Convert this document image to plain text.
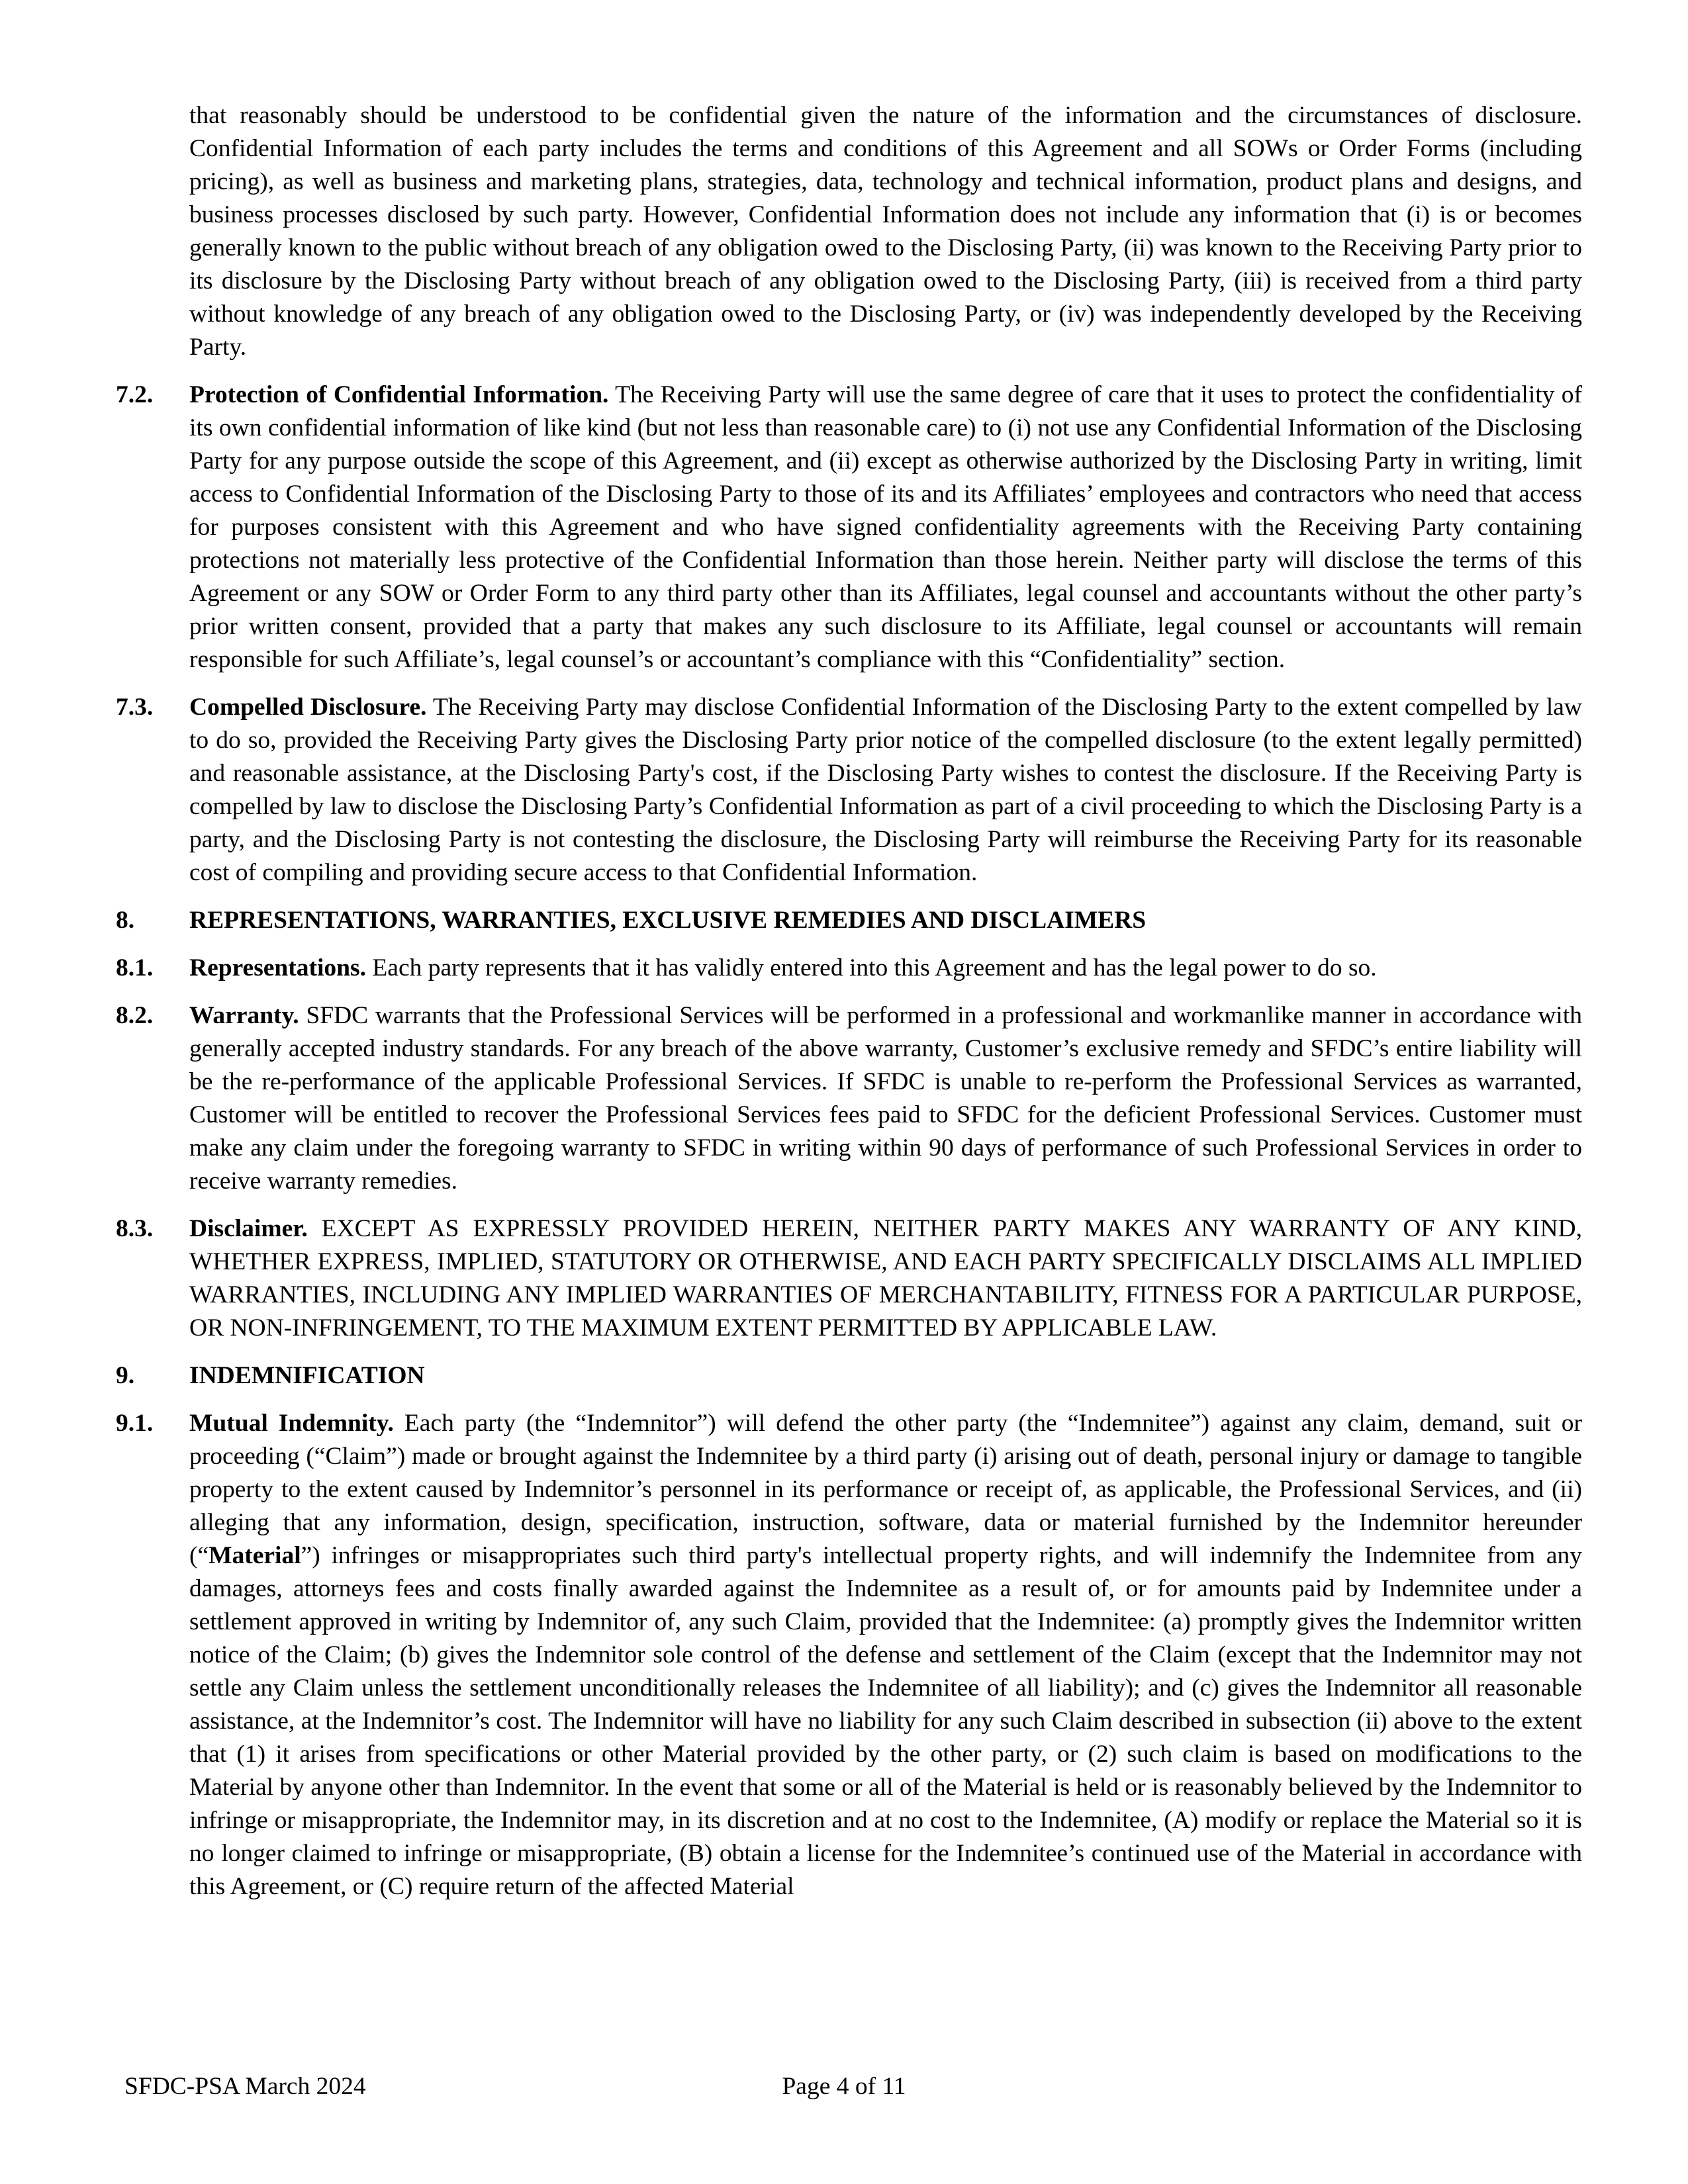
that reasonably should be understood to be confidential given the nature of the information and the circumstances of disclosure. Confidential Information of each party includes the terms and conditions of this Agreement and all SOWs or Order Forms (including pricing), as well as business and marketing plans, strategies, data, technology and technical information, product plans and designs, and business processes disclosed by such party. However, Confidential Information does not include any information that (i) is or becomes generally known to the public without breach of any obligation owed to the Disclosing Party, (ii) was known to the Receiving Party prior to its disclosure by the Disclosing Party without breach of any obligation owed to the Disclosing Party, (iii) is received from a third party without knowledge of any breach of any obligation owed to the Disclosing Party, or (iv) was independently developed by the Receiving Party.
7.2.	Protection of Confidential Information. The Receiving Party will use the same degree of care that it uses to protect the confidentiality of its own confidential information of like kind (but not less than reasonable care) to (i) not use any Confidential Information of the Disclosing Party for any purpose outside the scope of this Agreement, and (ii) except as otherwise authorized by the Disclosing Party in writing, limit access to Confidential Information of the Disclosing Party to those of its and its Affiliates’ employees and contractors who need that access for purposes consistent with this Agreement and who have signed confidentiality agreements with the Receiving Party containing protections not materially less protective of the Confidential Information than those herein. Neither party will disclose the terms of this Agreement or any SOW or Order Form to any third party other than its Affiliates, legal counsel and accountants without the other party’s prior written consent, provided that a party that makes any such disclosure to its Affiliate, legal counsel or accountants will remain responsible for such Affiliate’s, legal counsel’s or accountant’s compliance with this “Confidentiality” section.
7.3.	Compelled Disclosure. The Receiving Party may disclose Confidential Information of the Disclosing Party to the extent compelled by law to do so, provided the Receiving Party gives the Disclosing Party prior notice of the compelled disclosure (to the extent legally permitted) and reasonable assistance, at the Disclosing Party's cost, if the Disclosing Party wishes to contest the disclosure. If the Receiving Party is compelled by law to disclose the Disclosing Party’s Confidential Information as part of a civil proceeding to which the Disclosing Party is a party, and the Disclosing Party is not contesting the disclosure, the Disclosing Party will reimburse the Receiving Party for its reasonable cost of compiling and providing secure access to that Confidential Information.
8.	REPRESENTATIONS, WARRANTIES, EXCLUSIVE REMEDIES AND DISCLAIMERS
8.1.	Representations. Each party represents that it has validly entered into this Agreement and has the legal power to do so.
8.2.	Warranty. SFDC warrants that the Professional Services will be performed in a professional and workmanlike manner in accordance with generally accepted industry standards. For any breach of the above warranty, Customer’s exclusive remedy and SFDC’s entire liability will be the re-performance of the applicable Professional Services. If SFDC is unable to re-perform the Professional Services as warranted, Customer will be entitled to recover the Professional Services fees paid to SFDC for the deficient Professional Services. Customer must make any claim under the foregoing warranty to SFDC in writing within 90 days of performance of such Professional Services in order to receive warranty remedies.
8.3.	Disclaimer. EXCEPT AS EXPRESSLY PROVIDED HEREIN, NEITHER PARTY MAKES ANY WARRANTY OF ANY KIND, WHETHER EXPRESS, IMPLIED, STATUTORY OR OTHERWISE, AND EACH PARTY SPECIFICALLY DISCLAIMS ALL IMPLIED WARRANTIES, INCLUDING ANY IMPLIED WARRANTIES OF MERCHANTABILITY, FITNESS FOR A PARTICULAR PURPOSE, OR NON-INFRINGEMENT, TO THE MAXIMUM EXTENT PERMITTED BY APPLICABLE LAW.
9.	INDEMNIFICATION
9.1.	Mutual Indemnity. Each party (the “Indemnitor”) will defend the other party (the “Indemnitee”) against any claim, demand, suit or proceeding (“Claim”) made or brought against the Indemnitee by a third party (i) arising out of death, personal injury or damage to tangible property to the extent caused by Indemnitor’s personnel in its performance or receipt of, as applicable, the Professional Services, and (ii) alleging that any information, design, specification, instruction, software, data or material furnished by the Indemnitor hereunder (“Material”) infringes or misappropriates such third party's intellectual property rights, and will indemnify the Indemnitee from any damages, attorneys fees and costs finally awarded against the Indemnitee as a result of, or for amounts paid by Indemnitee under a settlement approved in writing by Indemnitor of, any such Claim, provided that the Indemnitee: (a) promptly gives the Indemnitor written notice of the Claim; (b) gives the Indemnitor sole control of the defense and settlement of the Claim (except that the Indemnitor may not settle any Claim unless the settlement unconditionally releases the Indemnitee of all liability); and (c) gives the Indemnitor all reasonable assistance, at the Indemnitor’s cost. The Indemnitor will have no liability for any such Claim described in subsection (ii) above to the extent that (1) it arises from specifications or other Material provided by the other party, or (2) such claim is based on modifications to the Material by anyone other than Indemnitor. In the event that some or all of the Material is held or is reasonably believed by the Indemnitor to infringe or misappropriate, the Indemnitor may, in its discretion and at no cost to the Indemnitee, (A) modify or replace the Material so it is no longer claimed to infringe or misappropriate, (B) obtain a license for the Indemnitee’s continued use of the Material in accordance with this Agreement, or (C) require return of the affected Material
SFDC-PSA March 2024	Page 4 of 11
